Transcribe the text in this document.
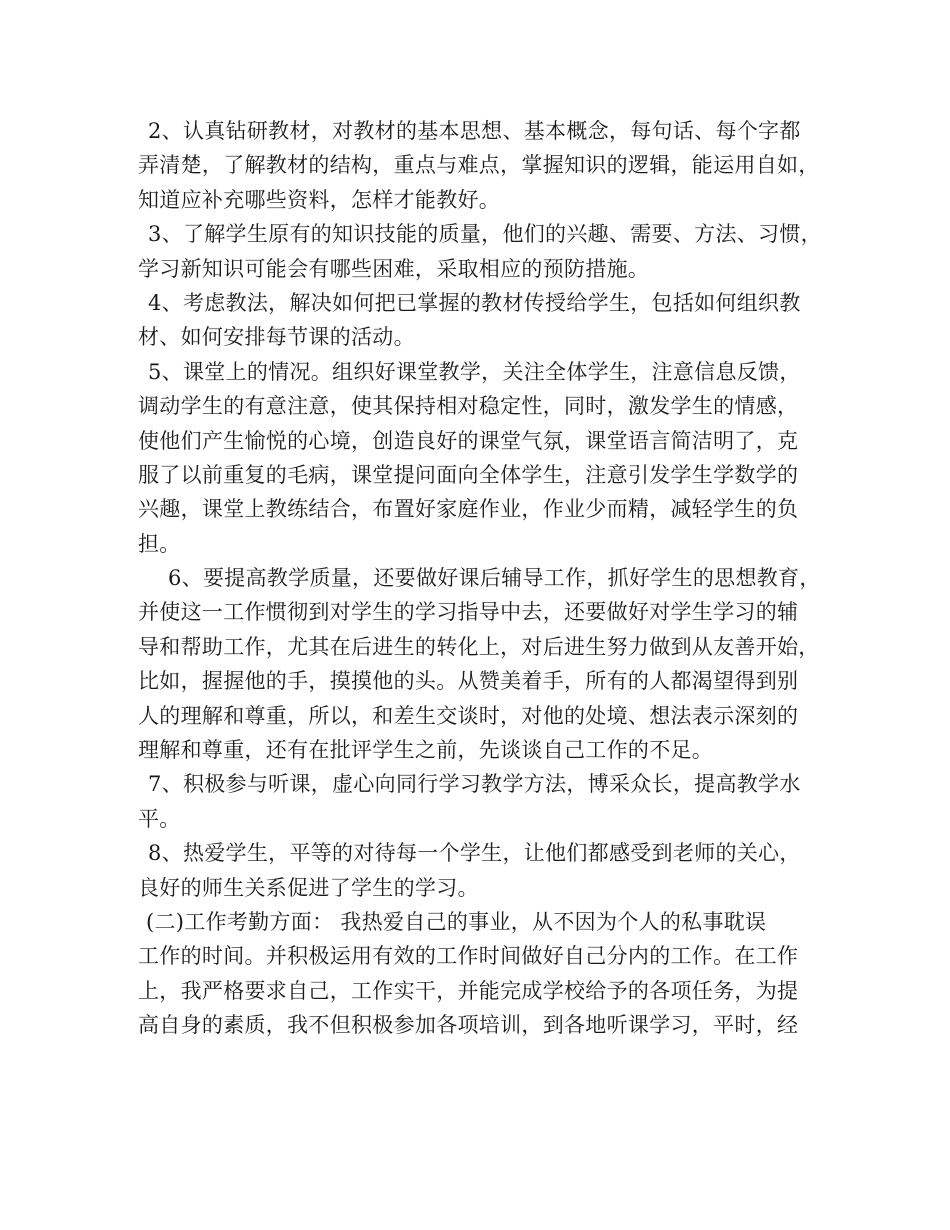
2、认真钻研教材，对教材的基本思想、基本概念，每句话、每个字都
弄清楚，了解教材的结构，重点与难点，掌握知识的逻辑，能运用自如，
知道应补充哪些资料，怎样才能教好。
3、了解学生原有的知识技能的质量，他们的兴趣、需要、方法、习惯，
学习新知识可能会有哪些困难，采取相应的预防措施。
4、考虑教法，解决如何把已掌握的教材传授给学生，包括如何组织教
材、如何安排每节课的活动。
5、课堂上的情况。组织好课堂教学，关注全体学生，注意信息反馈，
调动学生的有意注意，使其保持相对稳定性，同时，激发学生的情感，
使他们产生愉悦的心境，创造良好的课堂气氛，课堂语言简洁明了，克
服了以前重复的毛病，课堂提问面向全体学生，注意引发学生学数学的
兴趣，课堂上教练结合，布置好家庭作业，作业少而精，减轻学生的负
担。
6、要提高教学质量，还要做好课后辅导工作，抓好学生的思想教育，
并使这一工作惯彻到对学生的学习指导中去，还要做好对学生学习的辅
导和帮助工作，尤其在后进生的转化上，对后进生努力做到从友善开始，
比如，握握他的手，摸摸他的头。从赞美着手，所有的人都渴望得到别
人的理解和尊重，所以，和差生交谈时，对他的处境、想法表示深刻的
理解和尊重，还有在批评学生之前，先谈谈自己工作的不足。
7、积极参与听课，虚心向同行学习教学方法，博采众长，提高教学水
平。
8、热爱学生，平等的对待每一个学生，让他们都感受到老师的关心，
良好的师生关系促进了学生的学习。
(二)工作考勤方面： 我热爱自己的事业，从不因为个人的私事耽误
工作的时间。并积极运用有效的工作时间做好自己分内的工作。在工作
上，我严格要求自己，工作实干，并能完成学校给予的各项任务，为提
高自身的素质，我不但积极参加各项培训，到各地听课学习，平时，经
